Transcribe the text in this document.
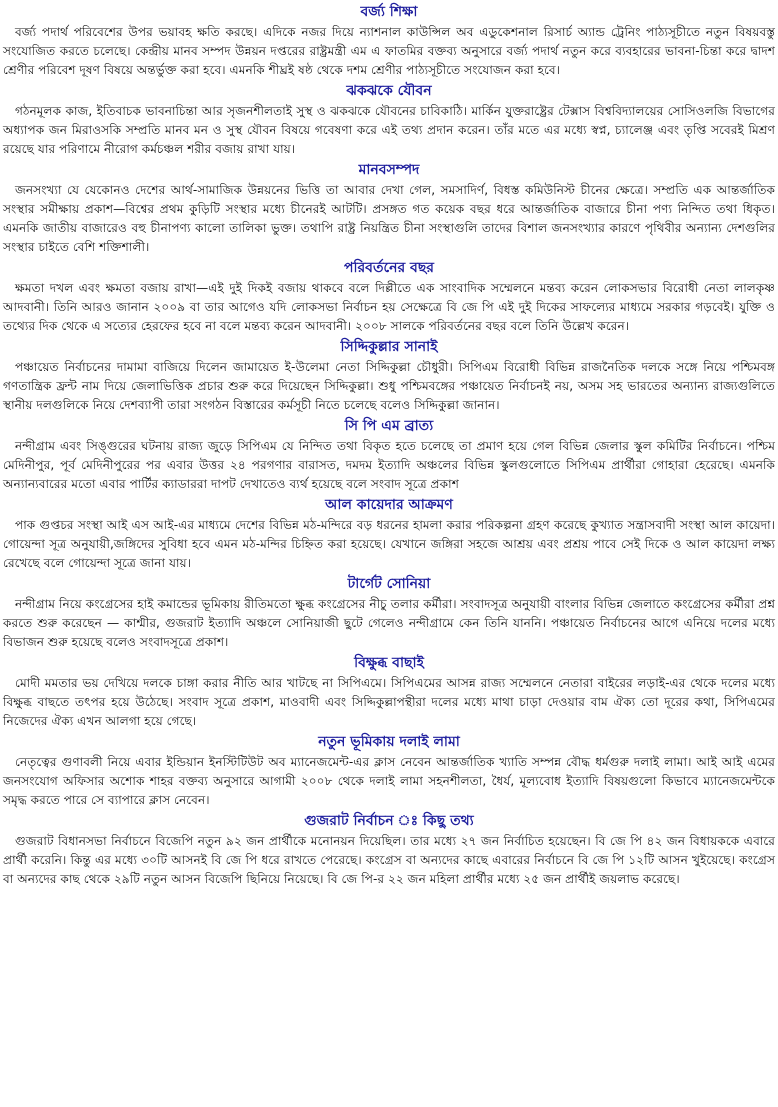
বর্জ্য শিক্ষা

বর্জ্য পদার্থ পরিবেশের উপর ভয়াবহ ক্ষতি করছে। এদিকে নজর দিয়ে ন্যাশনাল কাউন্সিল অব এডুকেশনাল রিসার্চ অ্যান্ড ট্রেনিং পাঠ্যসূচীতে নতুন বিষয়বস্তু সংযোজিত করতে চলেছে। কেন্দ্রীয় মানব সম্পদ উন্নয়ন দপ্তরের রাষ্ট্রমন্ত্রী এম এ ফাতমির বক্তব্য অনুসারে বর্জ্য পদার্থ নতুন করে ব্যবহারের ভাবনা-চিন্তা করে দ্বাদশ শ্রেণীর পরিবেশ দূষণ বিষয়ে অন্তর্ভুক্ত করা হবে। এমনকি শীঘ্রই ষষ্ঠ থেকে দশম শ্রেণীর পাঠ্যসূচীতে সংযোজন করা হবে।

ঝকঝকে যৌবন

গঠনমূলক কাজ, ইতিবাচক ভাবনাচিন্তা আর সৃজনশীলতাই সুস্থ ও ঝকঝকে যৌবনের চাবিকাঠি। মার্কিন যুক্তরাষ্ট্রের টেক্সাস বিশ্ববিদ্যালয়ের সোসিওলজি বিভাগের অধ্যাপক জন মিরাওসকি সম্প্রতি মানব মন ও সুস্থ যৌবন বিষয়ে গবেষণা করে এই তথ্য প্রদান করেন। তাঁর মতে এর মধ্যে স্বপ্ন, চ্যালেঞ্জ এবং তৃপ্তি সবেরই মিশ্রণ রয়েছে যার পরিণামে নীরোগ কর্মচঞ্চল শরীর বজায় রাখা যায়।

মানবসম্পদ

জনসংখ্যা যে যেকোনও দেশের আর্থ-সামাজিক উন্নয়নের ভিত্তি তা আবার দেখা গেল, সমসাদির্ণ, বিধস্ত কমিউনিস্ট চীনের ক্ষেত্রে। সম্প্রতি এক আন্তর্জাতিক সংস্থার সমীক্ষায় প্রকাশ—বিশ্বের প্রথম কুড়িটি সংস্থার মধ্যে চীনেরই আটটি। প্রসঙ্গত গত কয়েক বছর ধরে আন্তর্জাতিক বাজারে চীনা পণ্য নিন্দিত তথা ধিকৃত। এমনকি জাতীয় বাজারেও বহু চীনাপণ্য কালো তালিকা ভুক্ত। তথাপি রাষ্ট্র নিয়ন্ত্রিত চীনা সংস্থাগুলি তাদের বিশাল জনসংখ্যার কারণে পৃথিবীর অন্যান্য দেশগুলির সংস্থার চাইতে বেশি শক্তিশালী।

পরিবর্তনের বছর

ক্ষমতা দখল এবং ক্ষমতা বজায় রাখা—এই দুই দিকই বজায় থাকবে বলে দিল্লীতে এক সাংবাদিক সম্মেলনে মন্তব্য করেন লোকসভার বিরোধী নেতা লালকৃষ্ণ আদবানী। তিনি আরও জানান ২০০৯ বা তার আগেও যদি লোকসভা নির্বাচন হয় সেক্ষেত্রে বি জে পি এই দুই দিকের সাফল্যের মাধ্যমে সরকার গড়বেই। যুক্তি ও তথ্যের দিক থেকে এ সত্যের হেরফের হবে না বলে মন্তব্য করেন আদবানী। ২০০৮ সালকে পরিবর্তনের বছর বলে তিনি উল্লেখ করেন।

সিদ্দিকুল্লার সানাই

পঞ্চায়েত নির্বাচনের দামামা বাজিয়ে দিলেন জামায়েত ই-উলেমা নেতা সিদ্দিকুল্লা চৌধুরী। সিপিএম বিরোধী বিভিন্ন রাজনৈতিক দলকে সঙ্গে নিয়ে পশ্চিমবঙ্গ গণতান্ত্রিক ফ্রন্ট নাম দিয়ে জেলাভিত্তিক প্রচার শুরু করে দিয়েছেন সিদ্দিকুল্লা। শুধু পশ্চিমবঙ্গের পঞ্চায়েত নির্বাচনই নয়, অসম সহ ভারতের অন্যান্য রাজ্যগুলিতে স্থানীয় দলগুলিকে নিয়ে দেশব্যাপী তারা সংগঠন বিস্তারের কর্মসূচী নিতে চলেছে বলেও সিদ্দিকুল্লা জানান।

সি পি এম ব্রাত্য

নন্দীগ্রাম এবং সিঙ্গুরের ঘটনায় রাজ্য জুড়ে সিপিএম যে নিন্দিত তথা বিকৃত হতে চলেছে তা প্রমাণ হয়ে গেল বিভিন্ন জেলার স্কুল কমিটির নির্বাচনে। পশ্চিম মেদিনীপুর, পূর্ব মেদিনীপুরের পর এবার উত্তর ২৪ পরগণার বারাসত, দমদম ইত্যাদি অঞ্চলের বিভিন্ন স্কুলগুলোতে সিপিএম প্রার্থীরা গোহারা হেরেছে। এমনকি অন্যান্যবারের মতো এবার পার্টির ক্যাডাররা দাপট দেখাতেও ব্যর্থ হয়েছে বলে সংবাদ সূত্রে প্রকাশ

আল কায়েদার আক্রমণ

পাক গুপ্তচর সংস্থা আই এস আই-এর মাধ্যমে দেশের বিভিন্ন মঠ-মন্দিরে বড় ধরনের হামলা করার পরিকল্পনা গ্রহণ করেছে কুখ্যাত সন্ত্রাসবাদী সংস্থা আল কায়েদা। গোয়েন্দা সূত্র অনুযায়ী,জঙ্গিদের সুবিধা হবে এমন মঠ-মন্দির চিহ্নিত করা হয়েছে। যেখানে জঙ্গিরা সহজে আশ্রয় এবং প্রশ্রয় পাবে সেই দিকে ও আল কায়েদা লক্ষ্য রেখেছে বলে গোয়েন্দা সূত্রে জানা যায়।

টার্গেট সোনিয়া

নন্দীগ্রাম নিয়ে কংগ্রেসের হাই কমান্ডের ভূমিকায় রীতিমতো ক্ষুব্ধ কংগ্রেসের নীচু তলার কর্মীরা। সংবাদসূত্র অনুযায়ী বাংলার বিভিন্ন জেলাতে কংগ্রেসের কর্মীরা প্রশ্ন করতে শুরু করেছেন — কাশ্মীর, গুজরাট ইত্যাদি অঞ্চলে সোনিয়াজী ছুটে গেলেও নন্দীগ্রামে কেন তিনি যাননি। পঞ্চায়েত নির্বাচনের আগে এনিয়ে দলের মধ্যে বিভাজন শুরু হয়েছে বলেও সংবাদসূত্রে প্রকাশ।

বিক্ষুব্ধ বাছাই

মোদী মমতার ভয় দেখিয়ে দলকে চাঙ্গা করার নীতি আর খাটছে না সিপিএমে। সিপিএমের আসন্ন রাজ্য সম্মেলনে নেতারা বাইরের লড়াই-এর থেকে দলের মধ্যে বিক্ষুব্ধ বাছতে তৎপর হয়ে উঠেছে। সংবাদ সূত্রে প্রকাশ, মাওবাদী এবং সিদ্দিকুল্লাপন্থীরা দলের মধ্যে মাথা চাড়া দেওয়ার বাম ঐক্য তো দূরের কথা, সিপিএমের নিজেদের ঐক্য এখন আলগা হয়ে গেছে।

নতুন ভূমিকায় দলাই লামা

নেতৃত্বের গুণাবলী নিয়ে এবার ইন্ডিয়ান ইনস্টিটিউট অব ম্যানেজমেন্ট-এর ক্লাস নেবেন আন্তর্জাতিক খ্যাতি সম্পন্ন বৌদ্ধ ধর্মগুরু দলাই লামা। আই আই এমের জনসংযোগ অফিসার অশোক শাহর বক্তব্য অনুসারে আগামী ২০০৮ থেকে দলাই লামা সহনশীলতা, ধৈর্য, মূল্যবোধ ইত্যাদি বিষয়গুলো কিভাবে ম্যানেজমেন্টকে সমৃদ্ধ করতে পারে সে ব্যাপারে ক্লাস নেবেন।

গুজরাট নির্বাচন ঃ কিছু তথ্য

গুজরাট বিধানসভা নির্বাচনে বিজেপি নতুন ৯২ জন প্রার্থীকে মনোনয়ন দিয়েছিল। তার মধ্যে ২৭ জন নির্বাচিত হয়েছেন। বি জে পি ৪২ জন বিধায়ককে এবারে প্রার্থী করেনি। কিন্তু এর মধ্যে ৩০টি আসনই বি জে পি ধরে রাখতে পেরেছে। কংগ্রেস বা অন্যদের কাছে এবারের নির্বাচনে বি জে পি ১২টি আসন খুইয়েছে। কংগ্রেস বা অন্যদের কাছ থেকে ২৯টি নতুন আসন বিজেপি ছিনিয়ে নিয়েছে। বি জে পি-র ২২ জন মহিলা প্রার্থীর মধ্যে ২৫ জন প্রার্থীই জয়লাভ করেছে।
